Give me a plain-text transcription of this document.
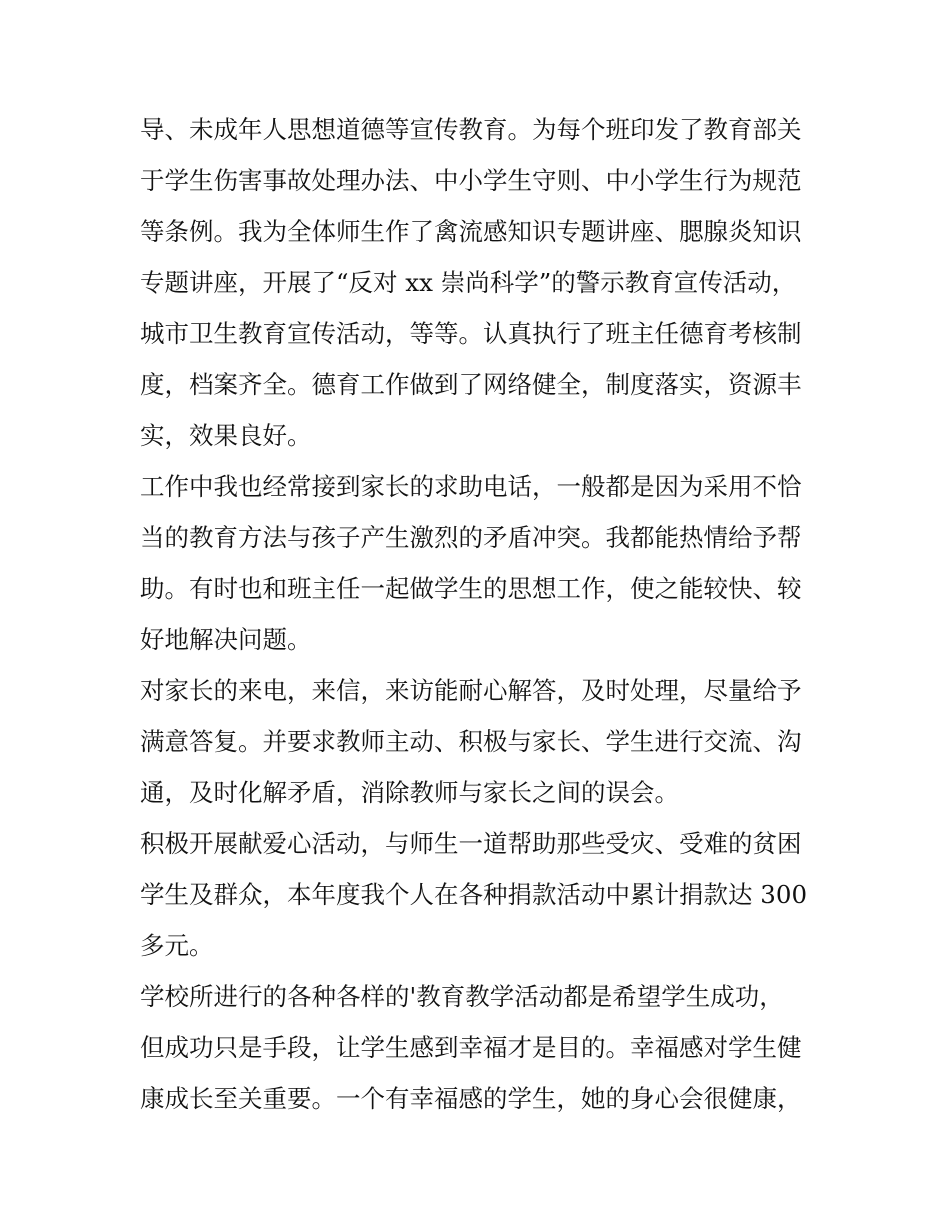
导、未成年人思想道德等宣传教育。为每个班印发了教育部关
于学生伤害事故处理办法、中小学生守则、中小学生行为规范
等条例。我为全体师生作了禽流感知识专题讲座、腮腺炎知识
专题讲座，开展了“反对 xx 崇尚科学”的警示教育宣传活动，
城市卫生教育宣传活动，等等。认真执行了班主任德育考核制
度，档案齐全。德育工作做到了网络健全，制度落实，资源丰
实，效果良好。
工作中我也经常接到家长的求助电话，一般都是因为采用不恰
当的教育方法与孩子产生激烈的矛盾冲突。我都能热情给予帮
助。有时也和班主任一起做学生的思想工作，使之能较快、较
好地解决问题。
对家长的来电，来信，来访能耐心解答，及时处理，尽量给予
满意答复。并要求教师主动、积极与家长、学生进行交流、沟
通，及时化解矛盾，消除教师与家长之间的误会。
积极开展献爱心活动，与师生一道帮助那些受灾、受难的贫困
学生及群众，本年度我个人在各种捐款活动中累计捐款达 300
多元。
学校所进行的各种各样的'教育教学活动都是希望学生成功，
但成功只是手段，让学生感到幸福才是目的。幸福感对学生健
康成长至关重要。一个有幸福感的学生，她的身心会很健康，
